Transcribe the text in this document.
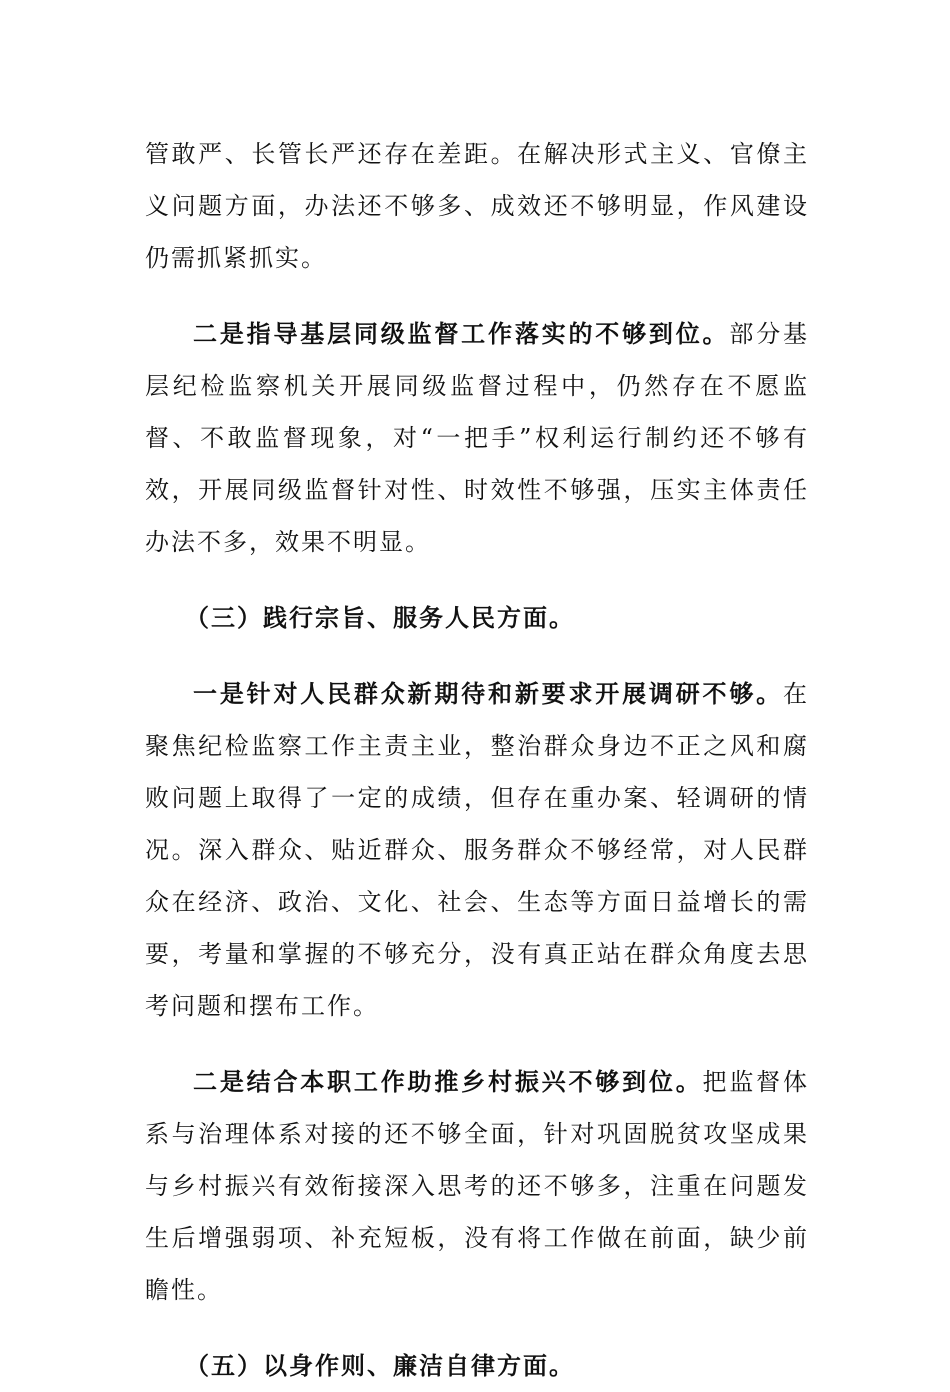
管敢严、长管长严还存在差距。在解决形式主义、官僚主义问题方面，办法还不够多、成效还不够明显，作风建设仍需抓紧抓实。

二是指导基层同级监督工作落实的不够到位。部分基层纪检监察机关开展同级监督过程中，仍然存在不愿监督、不敢监督现象，对“一把手”权利运行制约还不够有效，开展同级监督针对性、时效性不够强，压实主体责任办法不多，效果不明显。

（三）践行宗旨、服务人民方面。

一是针对人民群众新期待和新要求开展调研不够。在聚焦纪检监察工作主责主业，整治群众身边不正之风和腐败问题上取得了一定的成绩，但存在重办案、轻调研的情况。深入群众、贴近群众、服务群众不够经常，对人民群众在经济、政治、文化、社会、生态等方面日益增长的需要，考量和掌握的不够充分，没有真正站在群众角度去思考问题和摆布工作。

二是结合本职工作助推乡村振兴不够到位。把监督体系与治理体系对接的还不够全面，针对巩固脱贫攻坚成果与乡村振兴有效衔接深入思考的还不够多，注重在问题发生后增强弱项、补充短板，没有将工作做在前面，缺少前瞻性。

（五）以身作则、廉洁自律方面。
